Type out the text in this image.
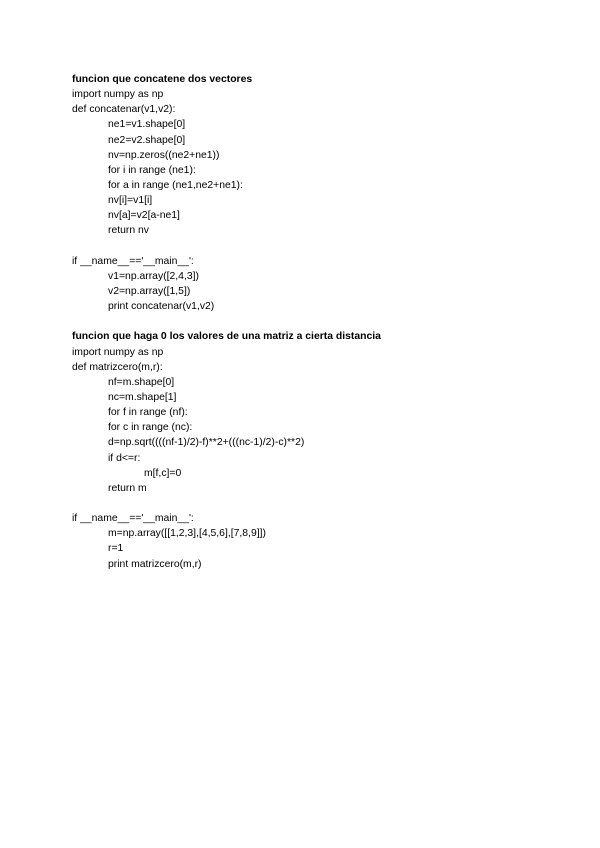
funcion que concatene dos vectores
import numpy as np
def concatenar(v1,v2):
ne1=v1.shape[0]
ne2=v2.shape[0]
nv=np.zeros((ne2+ne1))
for i in range (ne1):
for a in range (ne1,ne2+ne1):
nv[i]=v1[i]
nv[a]=v2[a-ne1]
return nv
if __name__=='__main__':
v1=np.array([2,4,3])
v2=np.array([1,5])
print concatenar(v1,v2)
funcion que haga 0 los valores de una matriz a cierta distancia
import numpy as np
def matrizcero(m,r):
nf=m.shape[0]
nc=m.shape[1]
for f in range (nf):
for c in range (nc):
d=np.sqrt((((nf-1)/2)-f)**2+(((nc-1)/2)-c)**2)
if d<=r:
m[f,c]=0
return m
if __name__=='__main__':
m=np.array([[1,2,3],[4,5,6],[7,8,9]])
r=1
print matrizcero(m,r)
